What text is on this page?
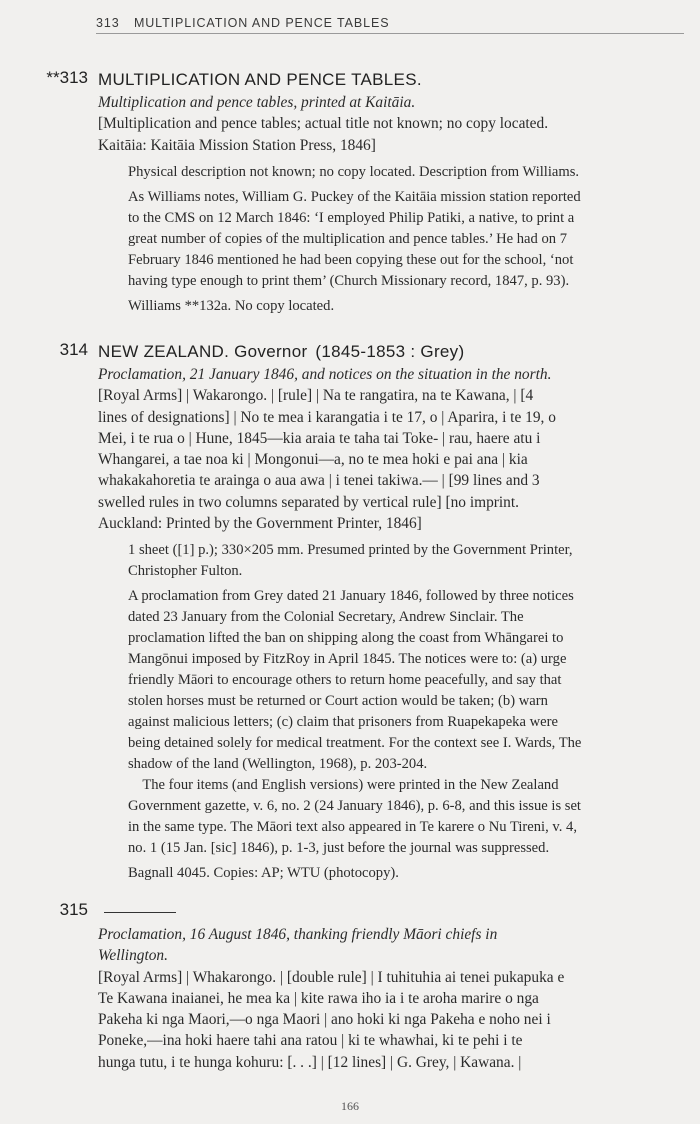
313 MULTIPLICATION AND PENCE TABLES
**313 MULTIPLICATION AND PENCE TABLES.
Multiplication and pence tables, printed at Kaitāia.
[Multiplication and pence tables; actual title not known; no copy located.
Kaitāia: Kaitāia Mission Station Press, 1846]
Physical description not known; no copy located. Description from Williams.
As Williams notes, William G. Puckey of the Kaitāia mission station reported
to the CMS on 12 March 1846: ‘I employed Philip Patiki, a native, to print a
great number of copies of the multiplication and pence tables.’ He had on 7
February 1846 mentioned he had been copying these out for the school, ‘not
having type enough to print them’ (Church Missionary record, 1847, p. 93).
Williams **132a. No copy located.
314 NEW ZEALAND. Governor (1845-1853 : Grey)
Proclamation, 21 January 1846, and notices on the situation in the north.
[Royal Arms] | Wakarongo. | [rule] | Na te rangatira, na te Kawana, | [4
lines of designations] | No te mea i karangatia i te 17, o | Aparira, i te 19, o
Mei, i te rua o | Hune, 1845—kia araia te taha tai Toke- | rau, haere atu i
Whangarei, a tae noa ki | Mongonui—a, no te mea hoki e pai ana | kia
whakakahoretia te arainga o aua awa | i tenei takiwa.— | [99 lines and 3
swelled rules in two columns separated by vertical rule] [no imprint.
Auckland: Printed by the Government Printer, 1846]
1 sheet ([1] p.); 330×205 mm. Presumed printed by the Government Printer,
Christopher Fulton.
A proclamation from Grey dated 21 January 1846, followed by three notices
dated 23 January from the Colonial Secretary, Andrew Sinclair. The
proclamation lifted the ban on shipping along the coast from Whāngarei to
Mangōnui imposed by FitzRoy in April 1845. The notices were to: (a) urge
friendly Māori to encourage others to return home peacefully, and say that
stolen horses must be returned or Court action would be taken; (b) warn
against malicious letters; (c) claim that prisoners from Ruapekapeka were
being detained solely for medical treatment. For the context see I. Wards, The
shadow of the land (Wellington, 1968), p. 203-204.
The four items (and English versions) were printed in the New Zealand
Government gazette, v. 6, no. 2 (24 January 1846), p. 6-8, and this issue is set
in the same type. The Māori text also appeared in Te karere o Nu Tireni, v. 4,
no. 1 (15 Jan. [sic] 1846), p. 1-3, just before the journal was suppressed.
Bagnall 4045. Copies: AP; WTU (photocopy).
315
Proclamation, 16 August 1846, thanking friendly Māori chiefs in
Wellington.
[Royal Arms] | Whakarongo. | [double rule] | I tuhituhia ai tenei pukapuka e
Te Kawana inaianei, he mea ka | kite rawa iho ia i te aroha marire o nga
Pakeha ki nga Maori,—o nga Maori | ano hoki ki nga Pakeha e noho nei i
Poneke,—ina hoki haere tahi ana ratou | ki te whawhai, ki te pehi i te
hunga tutu, i te hunga kohuru: [. . .] | [12 lines] | G. Grey, | Kawana. |
166
